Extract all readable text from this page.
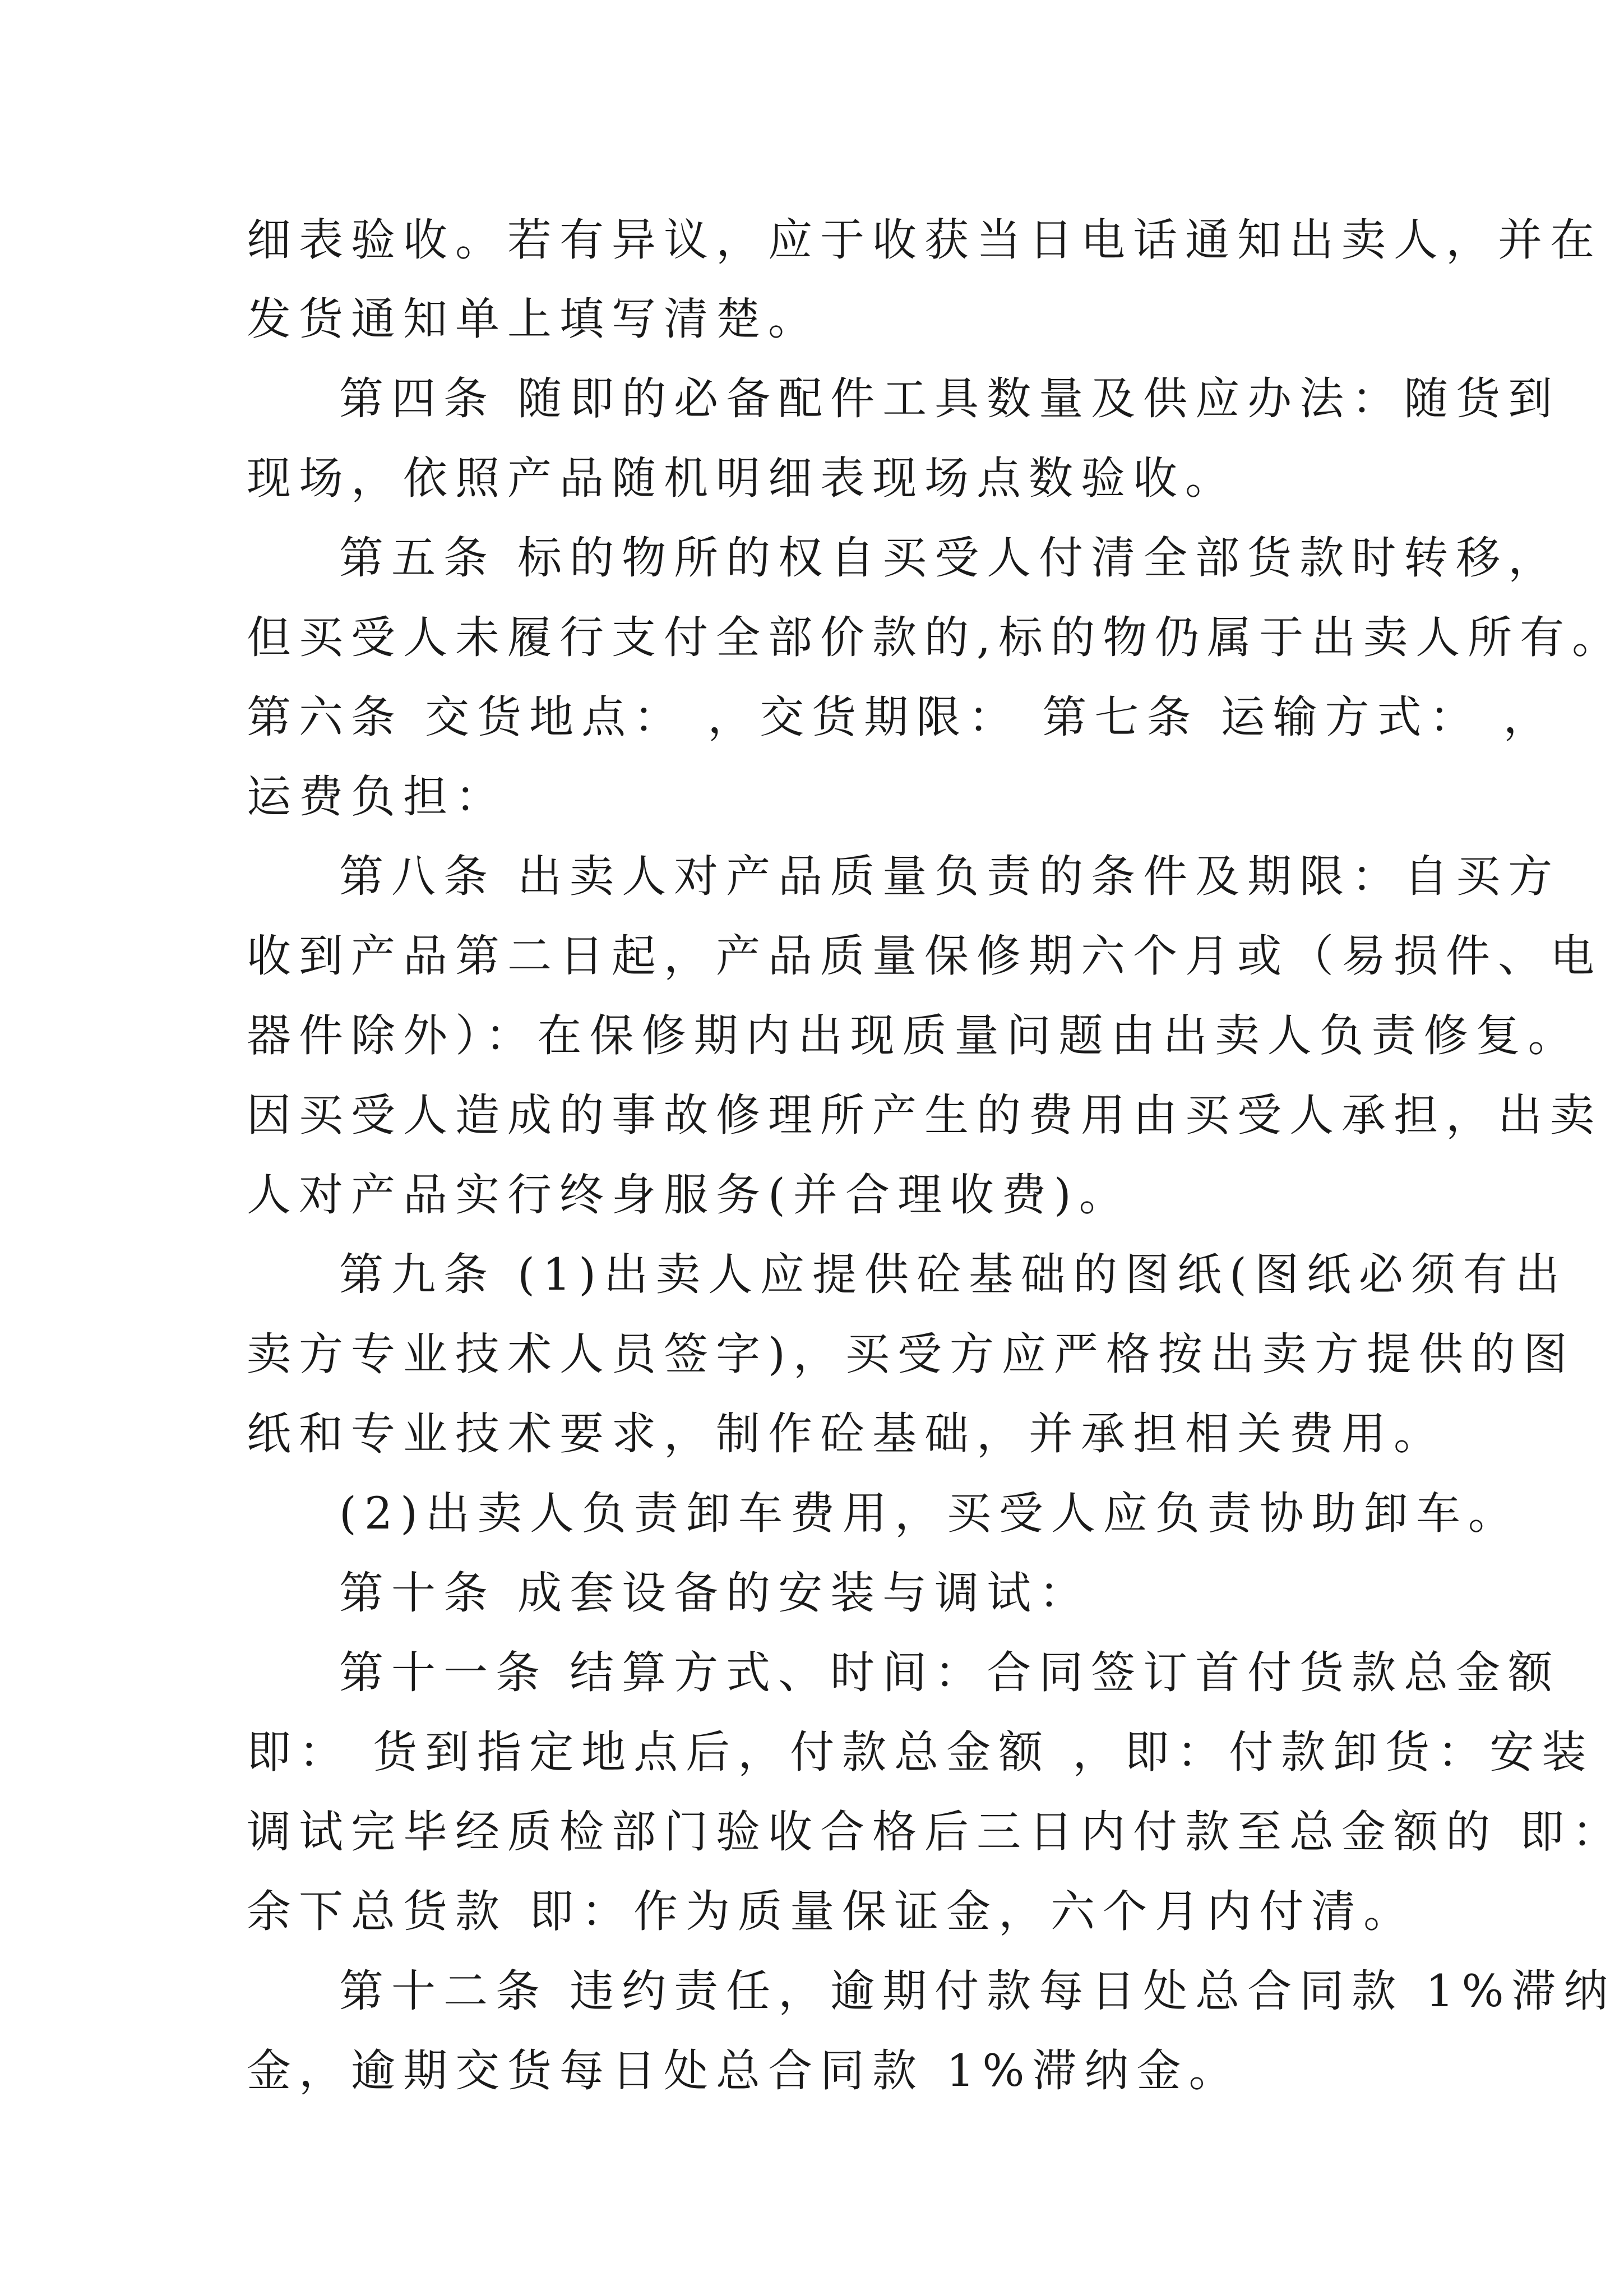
细表验收。若有异议，应于收获当日电话通知出卖人，并在
发货通知单上填写清楚。
第四条 随即的必备配件工具数量及供应办法：随货到
现场，依照产品随机明细表现场点数验收。
第五条 标的物所的权自买受人付清全部货款时转移，
但买受人未履行支付全部价款的,标的物仍属于出卖人所有。
第六条 交货地点： ，交货期限： 第七条 运输方式： ，
运费负担：
第八条 出卖人对产品质量负责的条件及期限：自买方
收到产品第二日起，产品质量保修期六个月或（易损件、电
器件除外）：在保修期内出现质量问题由出卖人负责修复。
因买受人造成的事故修理所产生的费用由买受人承担，出卖
人对产品实行终身服务(并合理收费)。
第九条 (1)出卖人应提供砼基础的图纸(图纸必须有出
卖方专业技术人员签字)，买受方应严格按出卖方提供的图
纸和专业技术要求，制作砼基础，并承担相关费用。
(2)出卖人负责卸车费用，买受人应负责协助卸车。
第十条 成套设备的安装与调试：
第十一条 结算方式、时间：合同签订首付货款总金额
即： 货到指定地点后，付款总金额 ，即：付款卸货：安装
调试完毕经质检部门验收合格后三日内付款至总金额的 即：
余下总货款 即：作为质量保证金，六个月内付清。
第十二条 违约责任，逾期付款每日处总合同款 1%滞纳
金，逾期交货每日处总合同款 1%滞纳金。
